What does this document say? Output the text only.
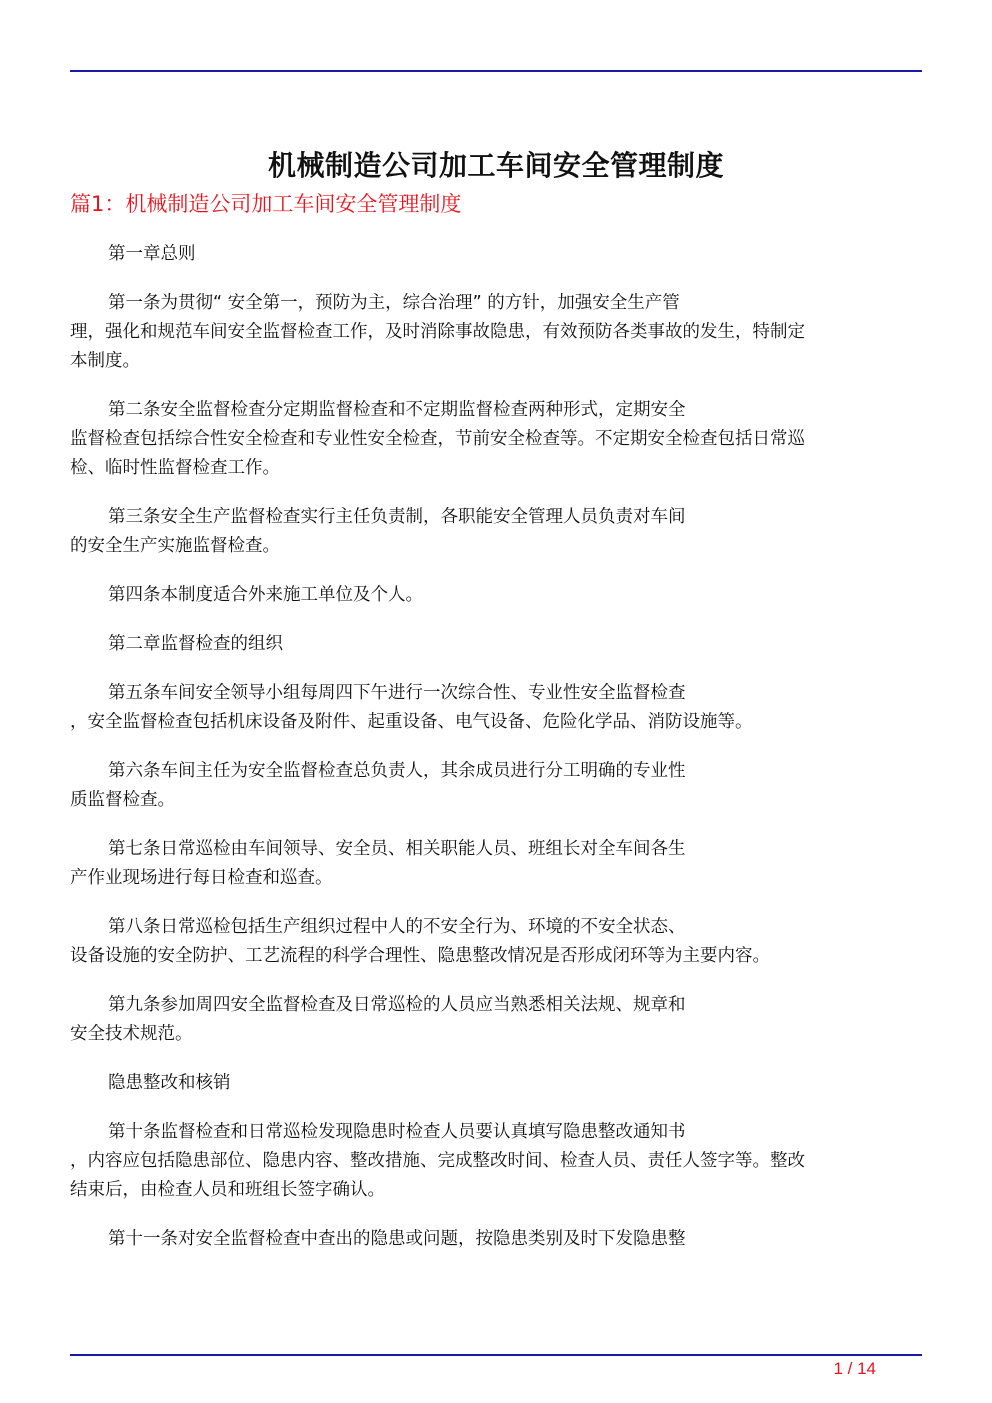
机械制造公司加工车间安全管理制度
篇1：机械制造公司加工车间安全管理制度

第一章总则

第一条为贯彻“ 安全第一，预防为主，综合治理” 的方针，加强安全生产管
理，强化和规范车间安全监督检查工作，及时消除事故隐患，有效预防各类事故的发生，特制定
本制度。

第二条安全监督检查分定期监督检查和不定期监督检查两种形式，定期安全
监督检查包括综合性安全检查和专业性安全检查，节前安全检查等。不定期安全检查包括日常巡
检、临时性监督检查工作。

第三条安全生产监督检查实行主任负责制，各职能安全管理人员负责对车间
的安全生产实施监督检查。

第四条本制度适合外来施工单位及个人。

第二章监督检查的组织

第五条车间安全领导小组每周四下午进行一次综合性、专业性安全监督检查
，安全监督检查包括机床设备及附件、起重设备、电气设备、危险化学品、消防设施等。

第六条车间主任为安全监督检查总负责人，其余成员进行分工明确的专业性
质监督检查。

第七条日常巡检由车间领导、安全员、相关职能人员、班组长对全车间各生
产作业现场进行每日检查和巡查。

第八条日常巡检包括生产组织过程中人的不安全行为、环境的不安全状态、
设备设施的安全防护、工艺流程的科学合理性、隐患整改情况是否形成闭环等为主要内容。

第九条参加周四安全监督检查及日常巡检的人员应当熟悉相关法规、规章和
安全技术规范。

隐患整改和核销

第十条监督检查和日常巡检发现隐患时检查人员要认真填写隐患整改通知书
，内容应包括隐患部位、隐患内容、整改措施、完成整改时间、检查人员、责任人签字等。整改
结束后，由检查人员和班组长签字确认。

第十一条对安全监督检查中查出的隐患或问题，按隐患类别及时下发隐患整

1 / 14
